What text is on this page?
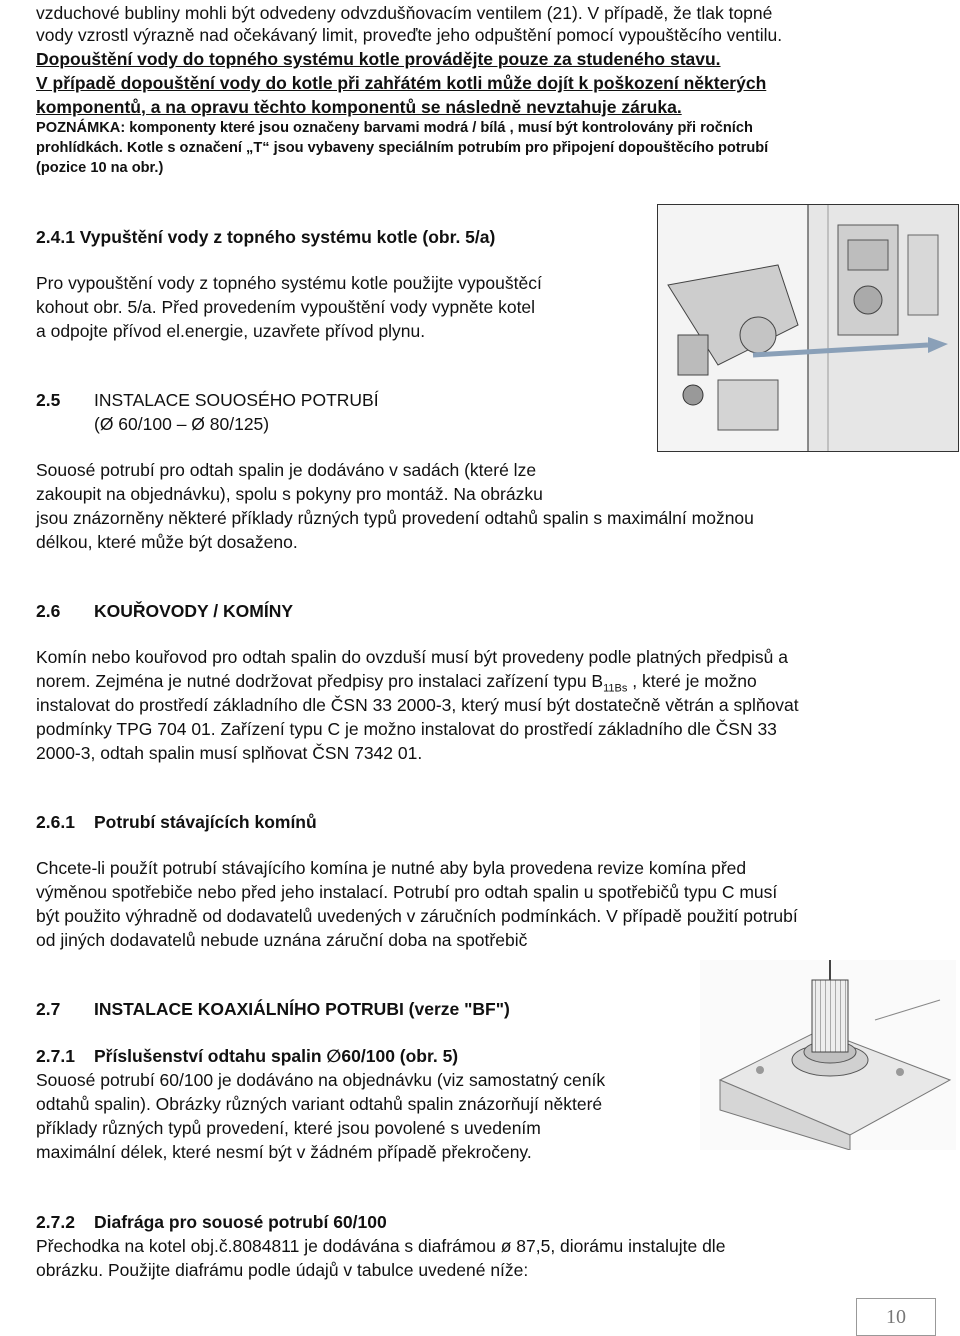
vzduchové bubliny mohli být odvedeny odvzdušňovacím ventilem (21). V případě, že tlak topné
vody vzrostl výrazně nad očekávaný limit, proveďte jeho odpuštění pomocí vypouštěcího ventilu.
Dopouštění vody do topného systému kotle provádějte pouze za studeného stavu.
V případě dopouštění vody do kotle při zahřátém kotli může dojít k poškození některých
komponentů, a na opravu těchto komponentů se následně nevztahuje záruka.
POZNÁMKA: komponenty které jsou označeny barvami modrá / bílá , musí být kontrolovány při ročních
prohlídkách. Kotle s označení „T“ jsou vybaveny speciálním potrubím pro připojení dopouštěcího potrubí
(pozice 10 na obr.)
2.4.1 Vypuštění vody z topného systému kotle (obr. 5/a)
Pro vypouštění vody z topného systému kotle použijte vypouštěcí
kohout obr. 5/a. Před provedením vypouštění vody vypněte kotel
a odpojte přívod el.energie, uzavřete přívod plynu.
2.5 INSTALACE SOUOSÉHO POTRUBÍ
(Ø 60/100 – Ø 80/125)
Souosé potrubí pro odtah spalin je dodáváno v sadách (které lze
zakoupit na objednávku), spolu s pokyny pro montáž. Na obrázku
jsou znázorněny některé příklady různých typů provedení odtahů spalin s maximální možnou
délkou, které může být dosaženo.
2.6 KOUŘOVODY / KOMÍNY
Komín nebo kouřovod pro odtah spalin do ovzduší musí být provedeny podle platných předpisů a
norem. Zejména je nutné dodržovat předpisy pro instalaci zařízení typu $B_{11Bs}$ , které je možno
instalovat do prostředí základního dle ČSN 33 2000-3, který musí být dostatečně větrán a splňovat
podmínky TPG 704 01. Zařízení typu C je možno instalovat do prostředí základního dle ČSN 33
2000-3, odtah spalin musí splňovat ČSN 7342 01.
2.6.1 Potrubí stávajících komínů
Chcete-li použít potrubí stávajícího komína je nutné aby byla provedena revize komína před
výměnou spotřebiče nebo před jeho instalací. Potrubí pro odtah spalin u spotřebičů typu C musí
být použito výhradně od dodavatelů uvedených v záručních podmínkách. V případě použití potrubí
od jiných dodavatelů nebude uznána záruční doba na spotřebič
2.7 INSTALACE KOAXIÁLNÍHO POTRUBI (verze "BF")
2.7.1 Příslušenství odtahu spalin ∅60/100 (obr. 5)
Souosé potrubí 60/100 je dodáváno na objednávku (viz samostatný ceník
odtahů spalin). Obrázky různých variant odtahů spalin znázorňují některé
příklady různých typů provedení, které jsou povolené s uvedením
maximální délek, které nesmí být v žádném případě překročeny.
2.7.2 Diafrága pro souosé potrubí 60/100
Přechodka na kotel obj.č.8084811 je dodávána s diafrámou ø 87,5, diorámu instalujte dle
obrázku. Použijte diafrámu podle údajů v tabulce uvedené níže:
10
